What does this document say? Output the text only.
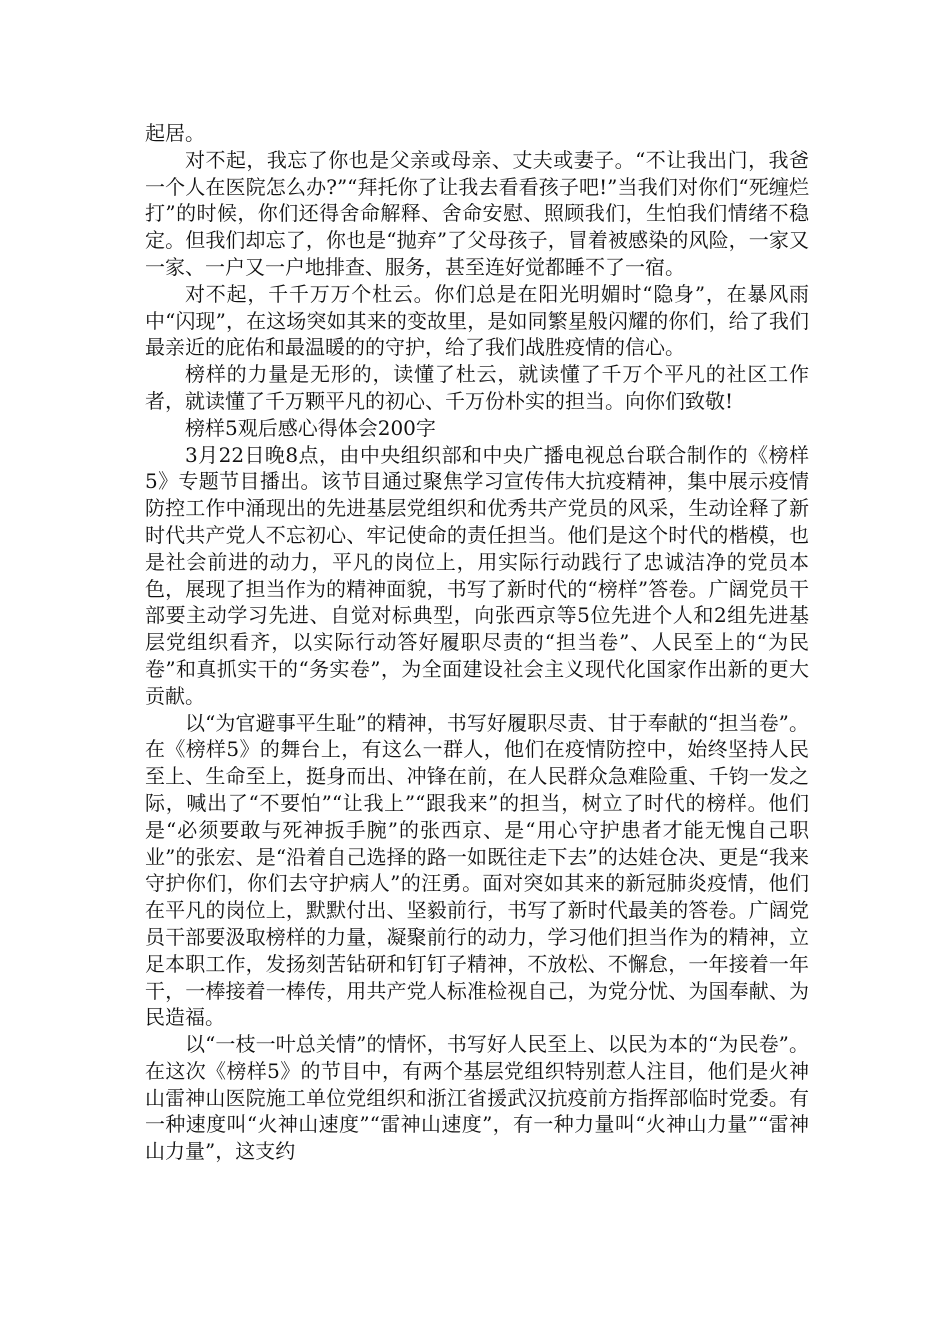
起居。

对不起，我忘了你也是父亲或母亲、丈夫或妻子。“不让我出门，我爸一个人在医院怎么办?”“拜托你了让我去看看孩子吧!”当我们对你们“死缠烂打”的时候，你们还得舍命解释、舍命安慰、照顾我们，生怕我们情绪不稳定。但我们却忘了，你也是“抛弃”了父母孩子，冒着被感染的风险，一家又一家、一户又一户地排查、服务，甚至连好觉都睡不了一宿。

对不起，千千万万个杜云。你们总是在阳光明媚时“隐身”，在暴风雨中“闪现”，在这场突如其来的变故里，是如同繁星般闪耀的你们，给了我们最亲近的庇佑和最温暖的的守护，给了我们战胜疫情的信心。

榜样的力量是无形的，读懂了杜云，就读懂了千万个平凡的社区工作者，就读懂了千万颗平凡的初心、千万份朴实的担当。向你们致敬!

榜样5观后感心得体会200字

3月22日晚8点，由中央组织部和中央广播电视总台联合制作的《榜样5》专题节目播出。该节目通过聚焦学习宣传伟大抗疫精神，集中展示疫情防控工作中涌现出的先进基层党组织和优秀共产党员的风采，生动诠释了新时代共产党人不忘初心、牢记使命的责任担当。他们是这个时代的楷模，也是社会前进的动力，平凡的岗位上，用实际行动践行了忠诚洁净的党员本色，展现了担当作为的精神面貌，书写了新时代的“榜样”答卷。广阔党员干部要主动学习先进、自觉对标典型，向张西京等5位先进个人和2组先进基层党组织看齐，以实际行动答好履职尽责的“担当卷”、人民至上的“为民卷”和真抓实干的“务实卷”，为全面建设社会主义现代化国家作出新的更大贡献。

以“为官避事平生耻”的精神，书写好履职尽责、甘于奉献的“担当卷”。在《榜样5》的舞台上，有这么一群人，他们在疫情防控中，始终坚持人民至上、生命至上，挺身而出、冲锋在前，在人民群众急难险重、千钧一发之际，喊出了“不要怕”“让我上”“跟我来”的担当，树立了时代的榜样。他们是“必须要敢与死神扳手腕”的张西京、是“用心守护患者才能无愧自己职业”的张宏、是“沿着自己选择的路一如既往走下去”的达娃仓决、更是“我来守护你们，你们去守护病人”的汪勇。面对突如其来的新冠肺炎疫情，他们在平凡的岗位上，默默付出、坚毅前行，书写了新时代最美的答卷。广阔党员干部要汲取榜样的力量，凝聚前行的动力，学习他们担当作为的精神，立足本职工作，发扬刻苦钻研和钉钉子精神，不放松、不懈怠，一年接着一年干，一棒接着一棒传，用共产党人标准检视自己，为党分忧、为国奉献、为民造福。

以“一枝一叶总关情”的情怀，书写好人民至上、以民为本的“为民卷”。在这次《榜样5》的节目中，有两个基层党组织特别惹人注目，他们是火神山雷神山医院施工单位党组织和浙江省援武汉抗疫前方指挥部临时党委。有一种速度叫“火神山速度”“雷神山速度”，有一种力量叫“火神山力量”“雷神山力量”，这支约
